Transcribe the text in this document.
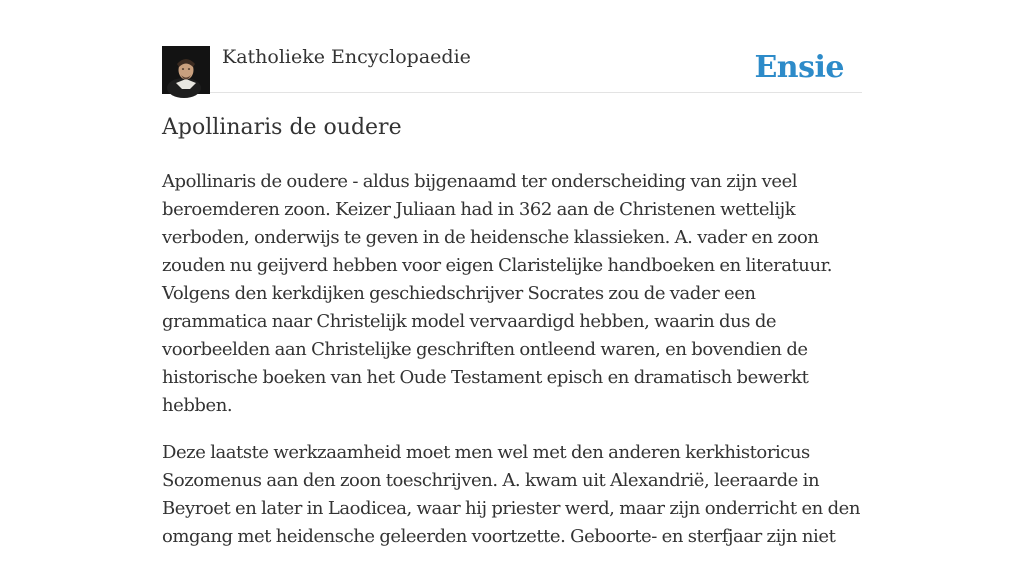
Katholieke Encyclopaedie	Ensie
Apollinaris de oudere

Apollinaris de oudere - aldus bijgenaamd ter onderscheiding van zijn veel beroemderen zoon. Keizer Juliaan had in 362 aan de Christenen wettelijk verboden, onderwijs te geven in de heidensche klassieken. A. vader en zoon zouden nu geijverd hebben voor eigen Claristelijke handboeken en literatuur. Volgens den kerkdijken geschiedschrijver Socrates zou de vader een grammatica naar Christelijk model vervaardigd hebben, waarin dus de voorbeelden aan Christelijke geschriften ontleend waren, en bovendien de historische boeken van het Oude Testament episch en dramatisch bewerkt hebben.

Deze laatste werkzaamheid moet men wel met den anderen kerkhistoricus Sozomenus aan den zoon toeschrijven. A. kwam uit Alexandrië, leeraarde in Beyroet en later in Laodicea, waar hij priester werd, maar zijn onderricht en den omgang met heidensche geleerden voortzette. Geboorte- en sterfjaar zijn niet
